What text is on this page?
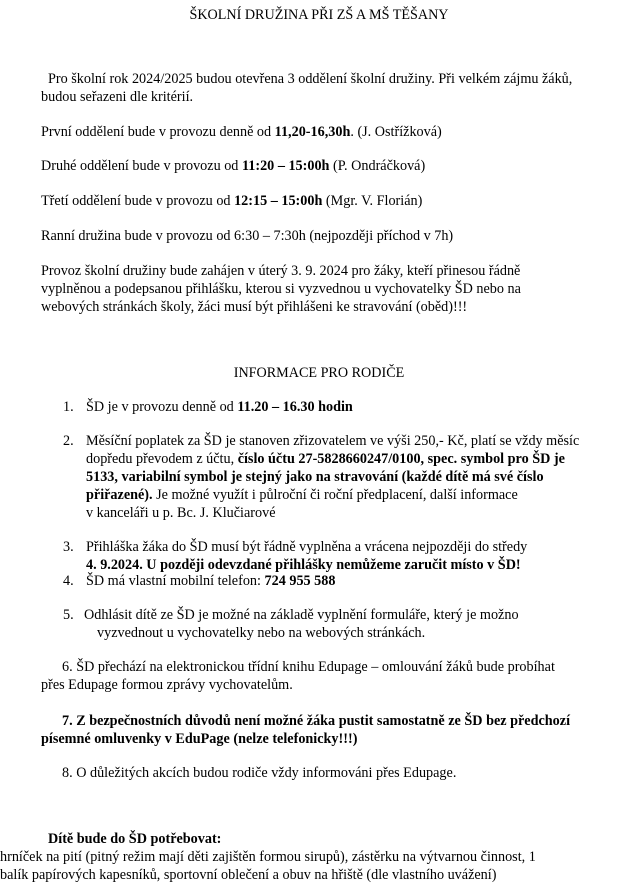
ŠKOLNÍ DRUŽINA PŘI ZŠ A MŠ TĚŠANY
Pro školní rok 2024/2025 budou otevřena 3 oddělení školní družiny. Při velkém zájmu žáků,
budou seřazeni dle kritérií.
První oddělení bude v provozu denně od 11,20-16,30h. (J. Ostřížková)
Druhé oddělení bude v provozu od 11:20 – 15:00h (P. Ondráčková)
Třetí oddělení bude v provozu od 12:15 – 15:00h (Mgr. V. Florián)
Ranní družina bude v provozu od 6:30 – 7:30h (nejpozději příchod v 7h)
Provoz školní družiny bude zahájen v úterý 3. 9. 2024 pro žáky, kteří přinesou řádně
vyplněnou a podepsanou přihlášku, kterou si vyzvednou u vychovatelky ŠD nebo na
webových stránkách školy, žáci musí být přihlášeni ke stravování (oběd)!!!
INFORMACE PRO RODIČE
1. ŠD je v provozu denně od 11.20 – 16.30 hodin
2. Měsíční poplatek za ŠD je stanoven zřizovatelem ve výši 250,- Kč, platí se vždy měsíc
dopředu převodem z účtu, číslo účtu 27-5828660247/0100, spec. symbol pro ŠD je
5133, variabilní symbol je stejný jako na stravování (každé dítě má své číslo
přiřazené). Je možné využít i půlroční či roční předplacení, další informace
v kanceláři u p. Bc. J. Klučiarové
3. Přihláška žáka do ŠD musí být řádně vyplněna a vrácena nejpozději do středy
4. 9.2024. U později odevzdané přihlášky nemůžeme zaručit místo v ŠD!
4. ŠD má vlastní mobilní telefon: 724 955 588
5. Odhlásit dítě ze ŠD je možné na základě vyplnění formuláře, který je možno
vyzvednout u vychovatelky nebo na webových stránkách.
6. ŠD přechází na elektronickou třídní knihu Edupage – omlouvání žáků bude probíhat
přes Edupage formou zprávy vychovatelům.
7. Z bezpečnostních důvodů není možné žáka pustit samostatně ze ŠD bez předchozí
písemné omluvenky v EduPage (nelze telefonicky!!!)
8. O důležitých akcích budou rodiče vždy informováni přes Edupage.
Dítě bude do ŠD potřebovat:
hrníček na pití (pitný režim mají děti zajištěn formou sirupů), zástěrku na výtvarnou činnost, 1
balík papírových kapesníků, sportovní oblečení a obuv na hřiště (dle vlastního uvážení)
